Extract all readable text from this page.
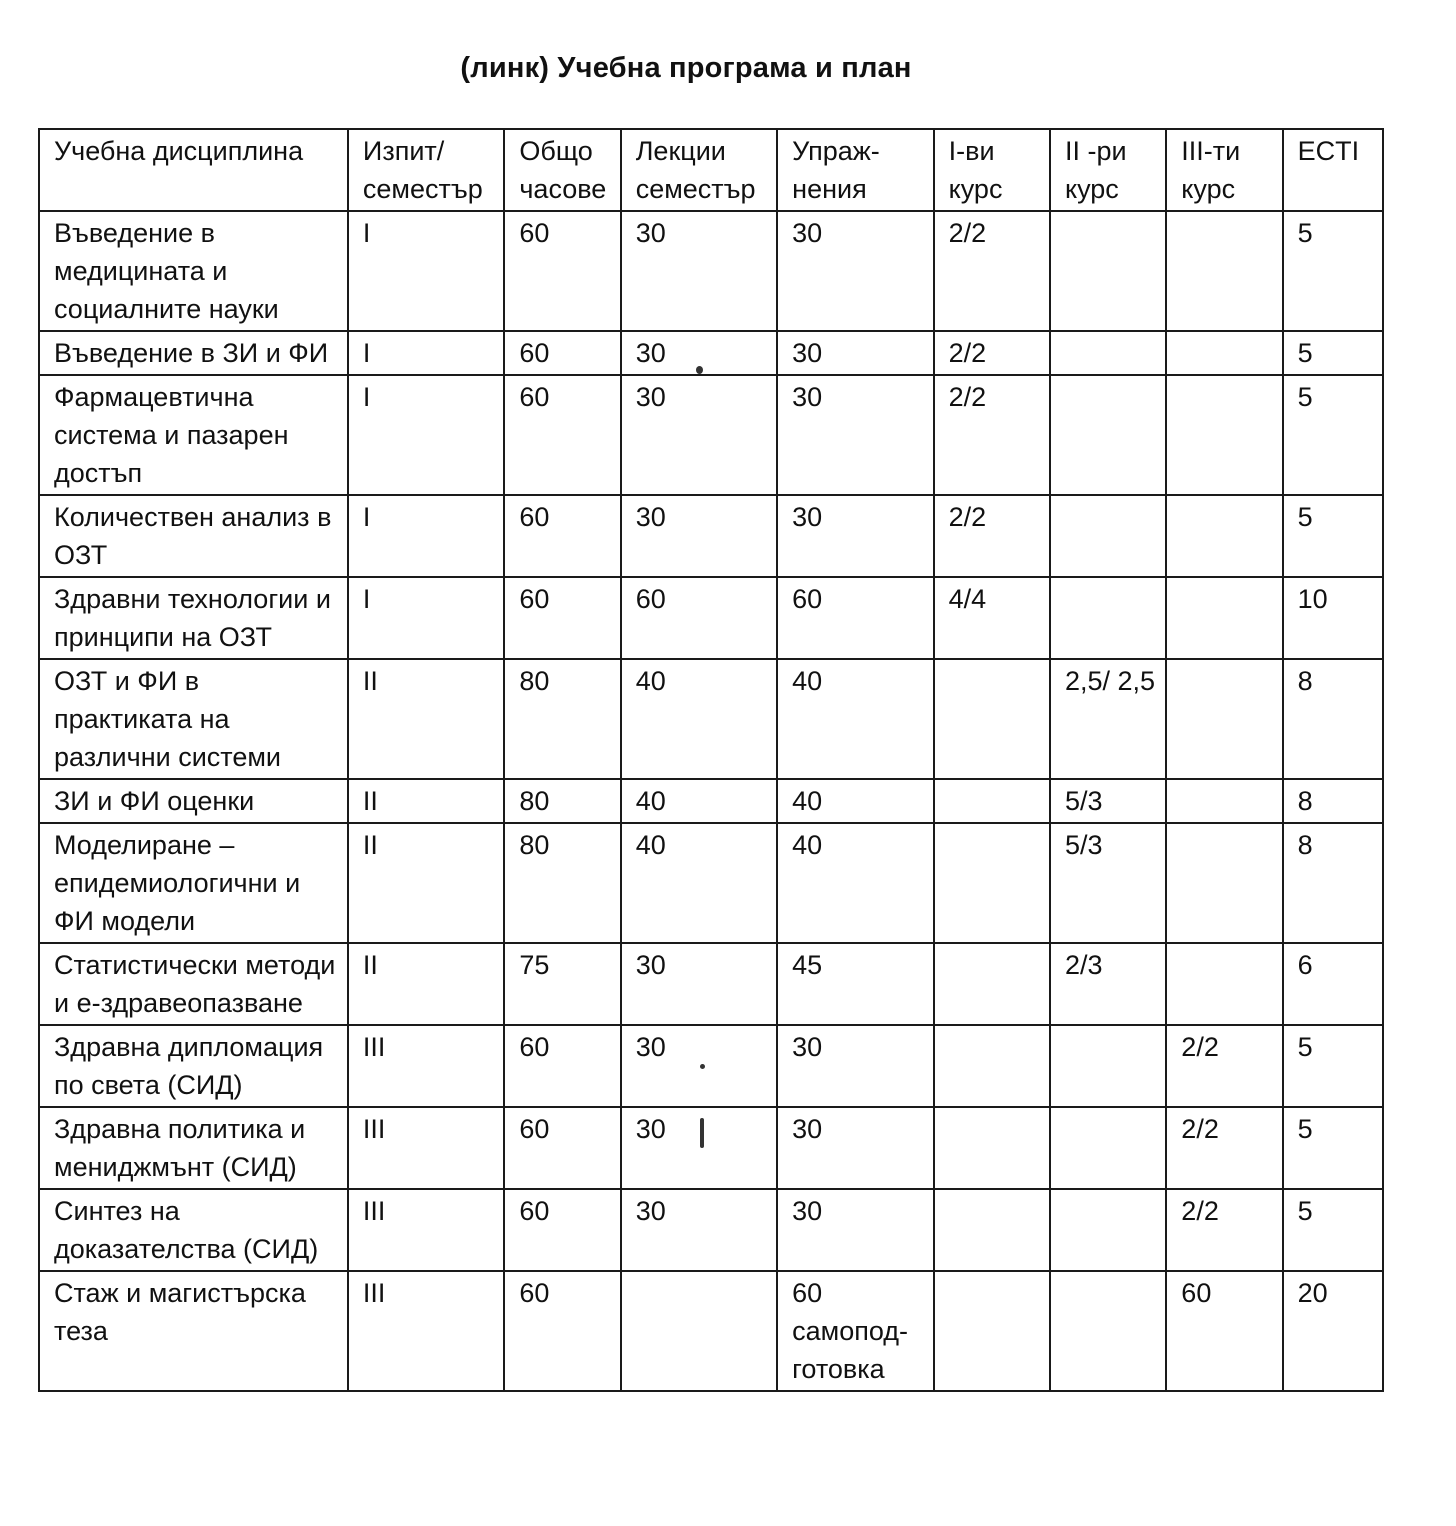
(линк) Учебна програма и план
Учебна дисциплина	Изпит/ семестър	Общо часове	Лекции семестър	Упраж- нения	I-ви курс	II -ри курс	III-ти курс	ECTI
Въведение в медицината и социалните науки	I	60	30	30	2/2			5
Въведение в ЗИ и ФИ	I	60	30	30	2/2			5
Фармацевтична система и пазарен достъп	I	60	30	30	2/2			5
Количествен анализ в ОЗТ	I	60	30	30	2/2			5
Здравни технологии и принципи на ОЗТ	I	60	60	60	4/4			10
ОЗТ и ФИ в практиката на различни системи	II	80	40	40		2,5/ 2,5		8
ЗИ и ФИ оценки	II	80	40	40		5/3		8
Моделиране – епидемиологични и ФИ модели	II	80	40	40		5/3		8
Статистически методи и е-здравеопазване	II	75	30	45		2/3		6
Здравна дипломация по света (СИД)	III	60	30	30			2/2	5
Здравна политика и мениджмънт (СИД)	III	60	30	30			2/2	5
Синтез на доказателства (СИД)	III	60	30	30			2/2	5
Стаж и магистърска теза	III	60		60 самопод- готовка			60	20
